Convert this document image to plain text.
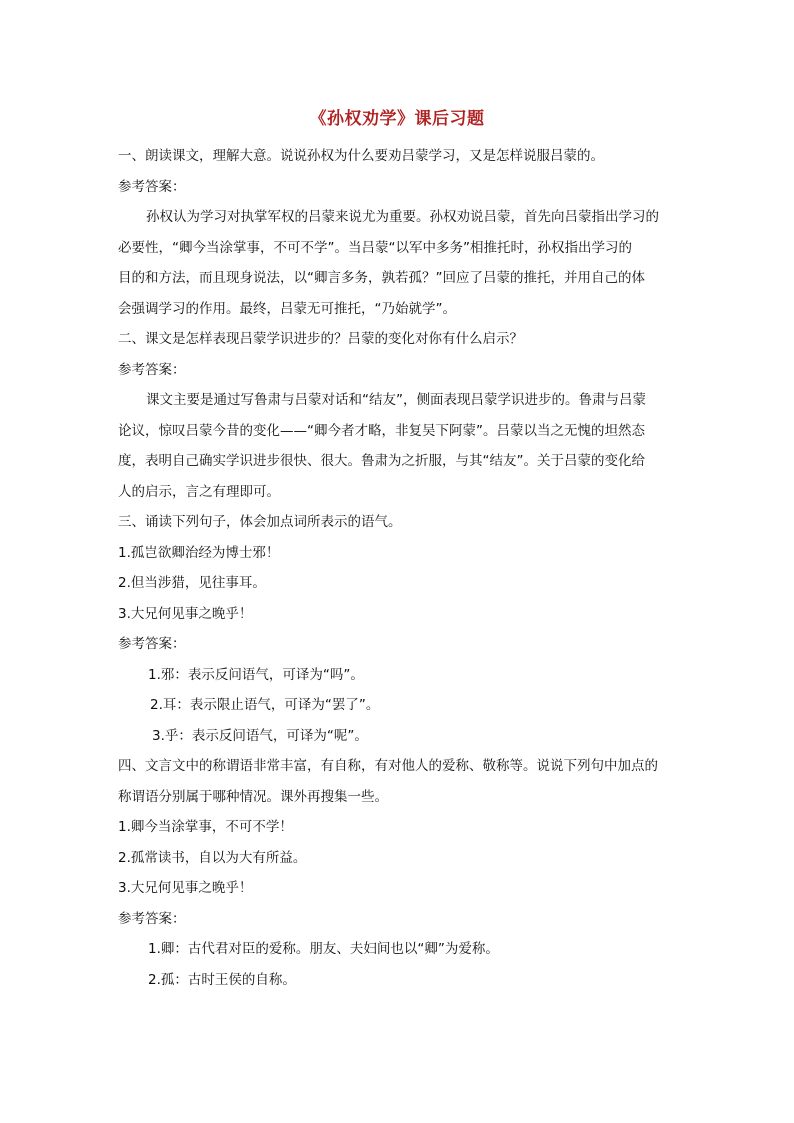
《孙权劝学》课后习题
一、朗读课文，理解大意。说说孙权为什么要劝吕蒙学习，又是怎样说服吕蒙的。
参考答案：
孙权认为学习对执掌军权的吕蒙来说尤为重要。孙权劝说吕蒙，首先向吕蒙指出学习的
必要性，“卿今当涂掌事，不可不学”。当吕蒙“以军中多务”相推托时，孙权指出学习的
目的和方法，而且现身说法，以“卿言多务，孰若孤？”回应了吕蒙的推托，并用自己的体
会强调学习的作用。最终，吕蒙无可推托，“乃始就学”。
二、课文是怎样表现吕蒙学识进步的？吕蒙的变化对你有什么启示？
参考答案：
课文主要是通过写鲁肃与吕蒙对话和“结友”，侧面表现吕蒙学识进步的。鲁肃与吕蒙
论议，惊叹吕蒙今昔的变化——“卿今者才略，非复吴下阿蒙”。吕蒙以当之无愧的坦然态
度，表明自己确实学识进步很快、很大。鲁肃为之折服，与其“结友”。关于吕蒙的变化给
人的启示，言之有理即可。
三、诵读下列句子，体会加点词所表示的语气。
1.孤岂欲卿治经为博士邪！
2.但当涉猎，见往事耳。
3.大兄何见事之晚乎！
参考答案：
1.邪：表示反问语气，可译为“吗”。
2.耳：表示限止语气，可译为“罢了”。
3.乎：表示反问语气，可译为“呢”。
四、文言文中的称谓语非常丰富，有自称，有对他人的爱称、敬称等。说说下列句中加点的
称谓语分别属于哪种情况。课外再搜集一些。
1.卿今当涂掌事，不可不学！
2.孤常读书，自以为大有所益。
3.大兄何见事之晚乎！
参考答案：
1.卿：古代君对臣的爱称。朋友、夫妇间也以“卿”为爱称。
2.孤：古时王侯的自称。
